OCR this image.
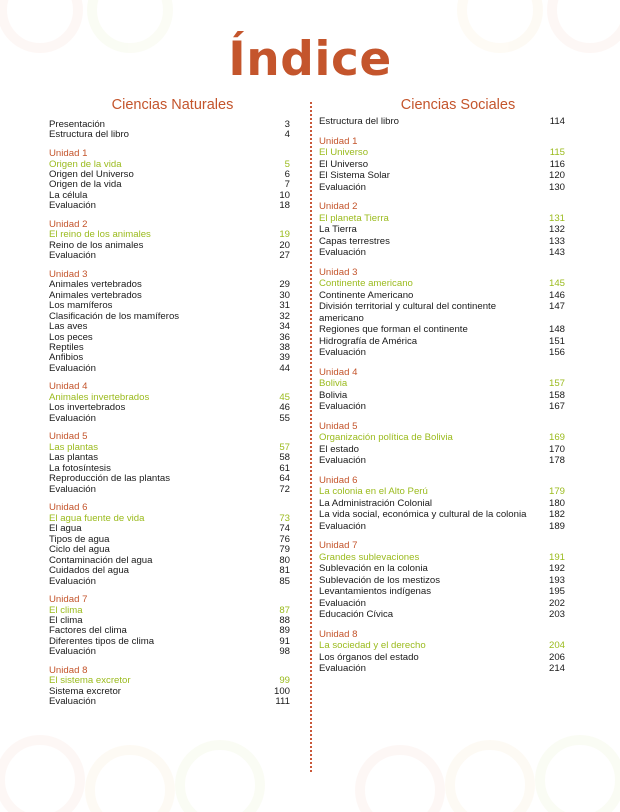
Índice
Ciencias Naturales
Presentación	3
Estructura del libro	4
Unidad 1
Origen de la vida	5
Origen del Universo	6
Origen de la vida	7
La célula	10
Evaluación	18
Unidad 2
El reino de los animales	19
Reino de los animales	20
Evaluación	27
Unidad 3
Animales vertebrados	29
Animales vertebrados	30
Los mamíferos	31
Clasificación de los mamíferos	32
Las aves	34
Los peces	36
Reptiles	38
Anfibios	39
Evaluación	44
Unidad 4
Animales invertebrados	45
Los invertebrados	46
Evaluación	55
Unidad 5
Las plantas	57
Las plantas	58
La fotosíntesis	61
Reproducción de las plantas	64
Evaluación	72
Unidad 6
El agua fuente de vida	73
El agua	74
Tipos de agua	76
Ciclo del agua	79
Contaminación del agua	80
Cuidados del agua	81
Evaluación	85
Unidad 7
El clima	87
El clima	88
Factores del clima	89
Diferentes tipos de clima	91
Evaluación	98
Unidad 8
El sistema excretor	99
Sistema excretor	100
Evaluación	111
Ciencias Sociales
Estructura del libro	114
Unidad 1
El Universo	115
El Universo	116
El Sistema Solar	120
Evaluación	130
Unidad 2
El planeta Tierra	131
La Tierra	132
Capas terrestres	133
Evaluación	143
Unidad 3
Continente americano	145
Continente Americano	146
División territorial y cultural del continente americano
147
Regiones que forman el continente	148
Hidrografía de América	151
Evaluación	156
Unidad 4
Bolivia	157
Bolivia	158
Evaluación	167
Unidad 5
Organización política de Bolivia	169
El estado	170
Evaluación	178
Unidad 6
La colonia en el Alto Perú	179
La Administración Colonial	180
La vida social, económica y cultural de la colonia	182
Evaluación	189
Unidad 7
Grandes sublevaciones	191
Sublevación en la colonia	192
Sublevación de los mestizos	193
Levantamientos indígenas	195
Evaluación	202
Educación Cívica	203
Unidad 8
La sociedad y el derecho	204
Los órganos del estado	206
Evaluación	214
